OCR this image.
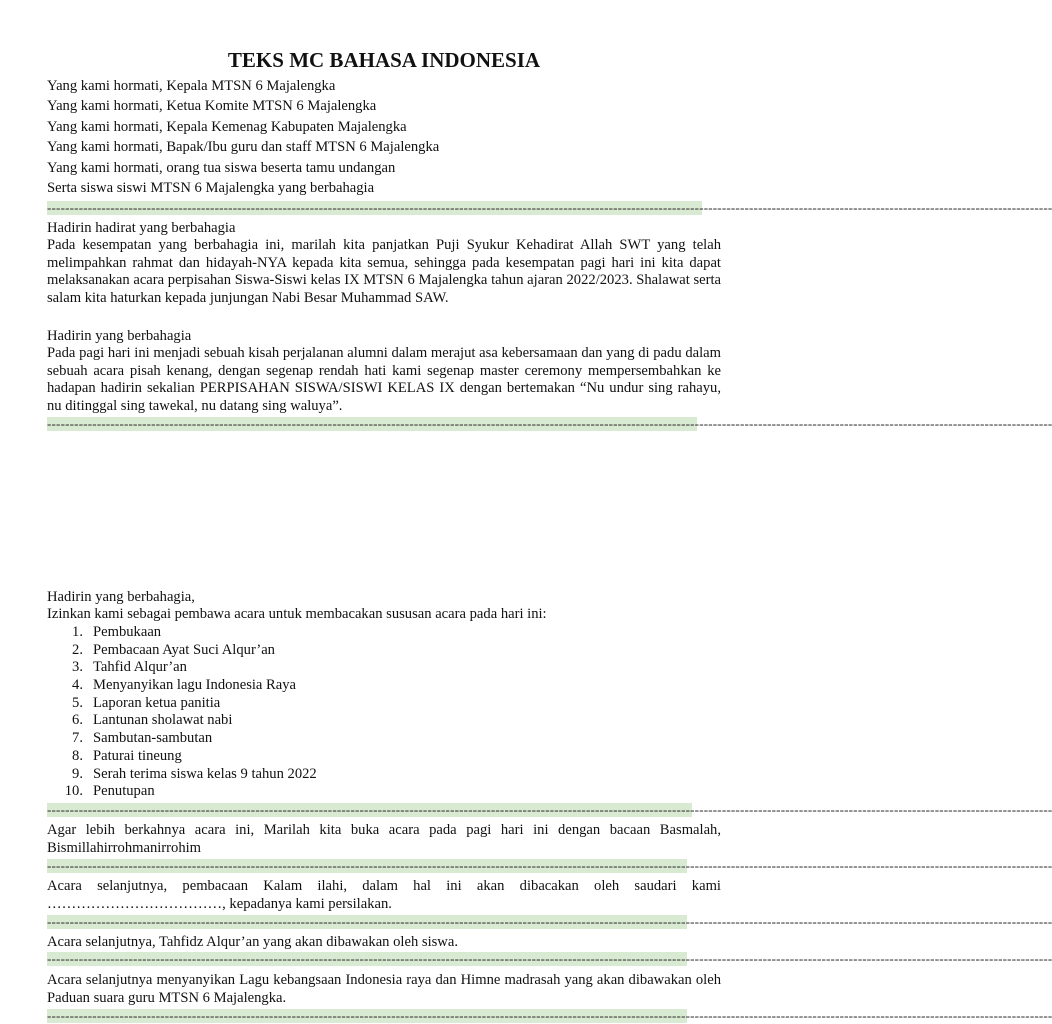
TEKS MC BAHASA INDONESIA
Yang kami hormati, Kepala MTSN 6 Majalengka
Yang kami hormati, Ketua Komite MTSN 6 Majalengka
Yang kami hormati, Kepala Kemenag Kabupaten Majalengka
Yang kami hormati, Bapak/Ibu guru dan staff MTSN 6 Majalengka
Yang kami hormati, orang tua siswa beserta tamu undangan
Serta siswa siswi MTSN 6 Majalengka yang berbahagia
------------------------------------------------------------------------------------------------------------------------------------------------------------------------------------------------------------------------------
Hadirin hadirat yang berbahagia

Pada kesempatan yang berbahagia ini, marilah kita panjatkan Puji Syukur Kehadirat Allah SWT yang telah melimpahkan rahmat dan hidayah-NYA kepada kita semua, sehingga pada kesempatan pagi hari ini kita dapat melaksanakan acara perpisahan Siswa-Siswi kelas IX MTSN 6 Majalengka tahun ajaran 2022/2023. Shalawat serta salam kita haturkan kepada junjungan Nabi Besar Muhammad SAW.

Hadirin yang berbahagia

Pada pagi hari ini menjadi sebuah kisah perjalanan alumni dalam merajut asa kebersamaan dan yang di padu dalam sebuah acara pisah kenang, dengan segenap rendah hati kami segenap master ceremony mempersembahkan ke hadapan hadirin sekalian PERPISAHAN SISWA/SISWI KELAS IX dengan bertemakan “Nu undur sing rahayu, nu ditinggal sing tawekal, nu datang sing waluya”.

------------------------------------------------------------------------------------------------------------------------------------------------------------------------------------------------------------------------------
Hadirin yang berbahagia,
Izinkan kami sebagai pembawa acara untuk membacakan sususan acara pada hari ini:
1. Pembukaan
2. Pembacaan Ayat Suci Alqur’an
3. Tahfid Alqur’an
4. Menyanyikan lagu Indonesia Raya
5. Laporan ketua panitia
6. Lantunan sholawat nabi
7. Sambutan-sambutan
8. Paturai tineung
9. Serah terima siswa kelas 9 tahun 2022
10. Penutupan
------------------------------------------------------------------------------------------------------------------------------------------------------------------------------------------------------------------------------

Agar lebih berkahnya acara ini, Marilah kita buka acara pada pagi hari ini dengan bacaan Basmalah, Bismillahirrohmanirrohim

------------------------------------------------------------------------------------------------------------------------------------------------------------------------------------------------------------------------------

Acara selanjutnya, pembacaan Kalam ilahi, dalam hal ini akan dibacakan oleh saudari kami ………………………………, kepadanya kami persilakan.

------------------------------------------------------------------------------------------------------------------------------------------------------------------------------------------------------------------------------

Acara selanjutnya, Tahfidz Alqur’an yang akan dibawakan oleh siswa.

------------------------------------------------------------------------------------------------------------------------------------------------------------------------------------------------------------------------------

Acara selanjutnya menyanyikan Lagu kebangsaan Indonesia raya dan Himne madrasah yang akan dibawakan oleh Paduan suara guru MTSN 6 Majalengka.

------------------------------------------------------------------------------------------------------------------------------------------------------------------------------------------------------------------------------
